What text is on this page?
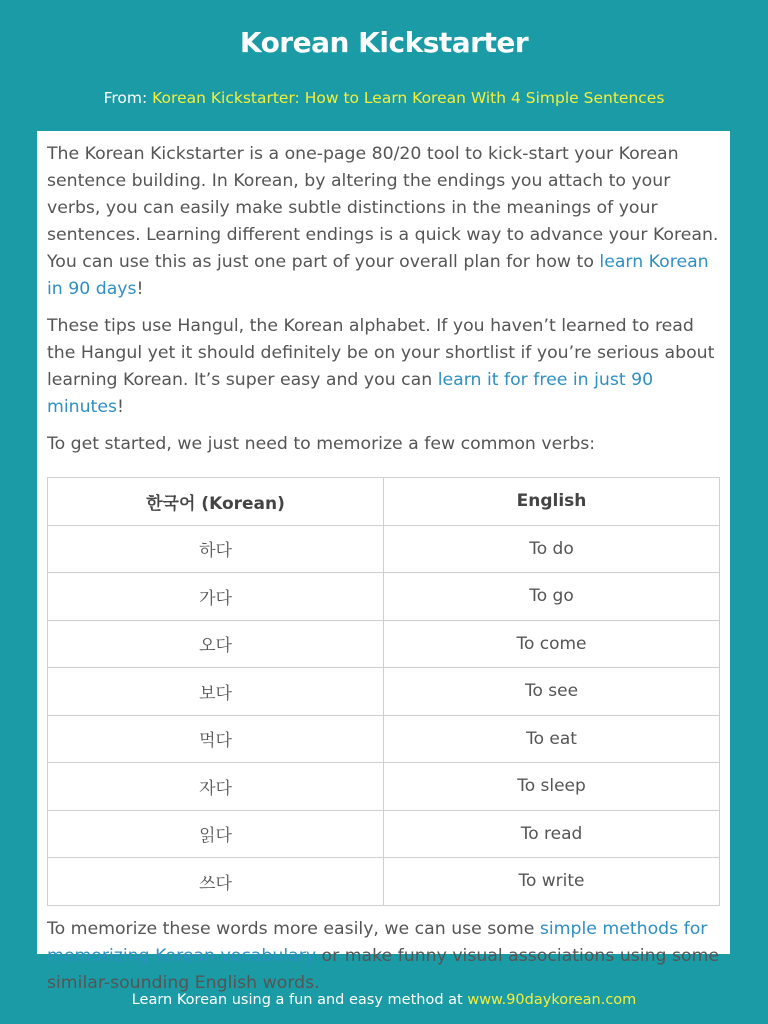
Korean Kickstarter
From: Korean Kickstarter: How to Learn Korean With 4 Simple Sentences

The Korean Kickstarter is a one-page 80/20 tool to kick-start your Korean sentence building. In Korean, by altering the endings you attach to your verbs, you can easily make subtle distinctions in the meanings of your sentences. Learning different endings is a quick way to advance your Korean. You can use this as just one part of your overall plan for how to learn Korean in 90 days!

These tips use Hangul, the Korean alphabet. If you haven’t learned to read the Hangul yet it should definitely be on your shortlist if you’re serious about learning Korean. It’s super easy and you can learn it for free in just 90 minutes!

To get started, we just need to memorize a few common verbs:

한국어 (Korean)	English
하다	To do
가다	To go
오다	To come
보다	To see
먹다	To eat
자다	To sleep
읽다	To read
쓰다	To write

To memorize these words more easily, we can use some simple methods for memorizing Korean vocabulary or make funny visual associations using some similar-sounding English words.

Learn Korean using a fun and easy method at www.90daykorean.com
